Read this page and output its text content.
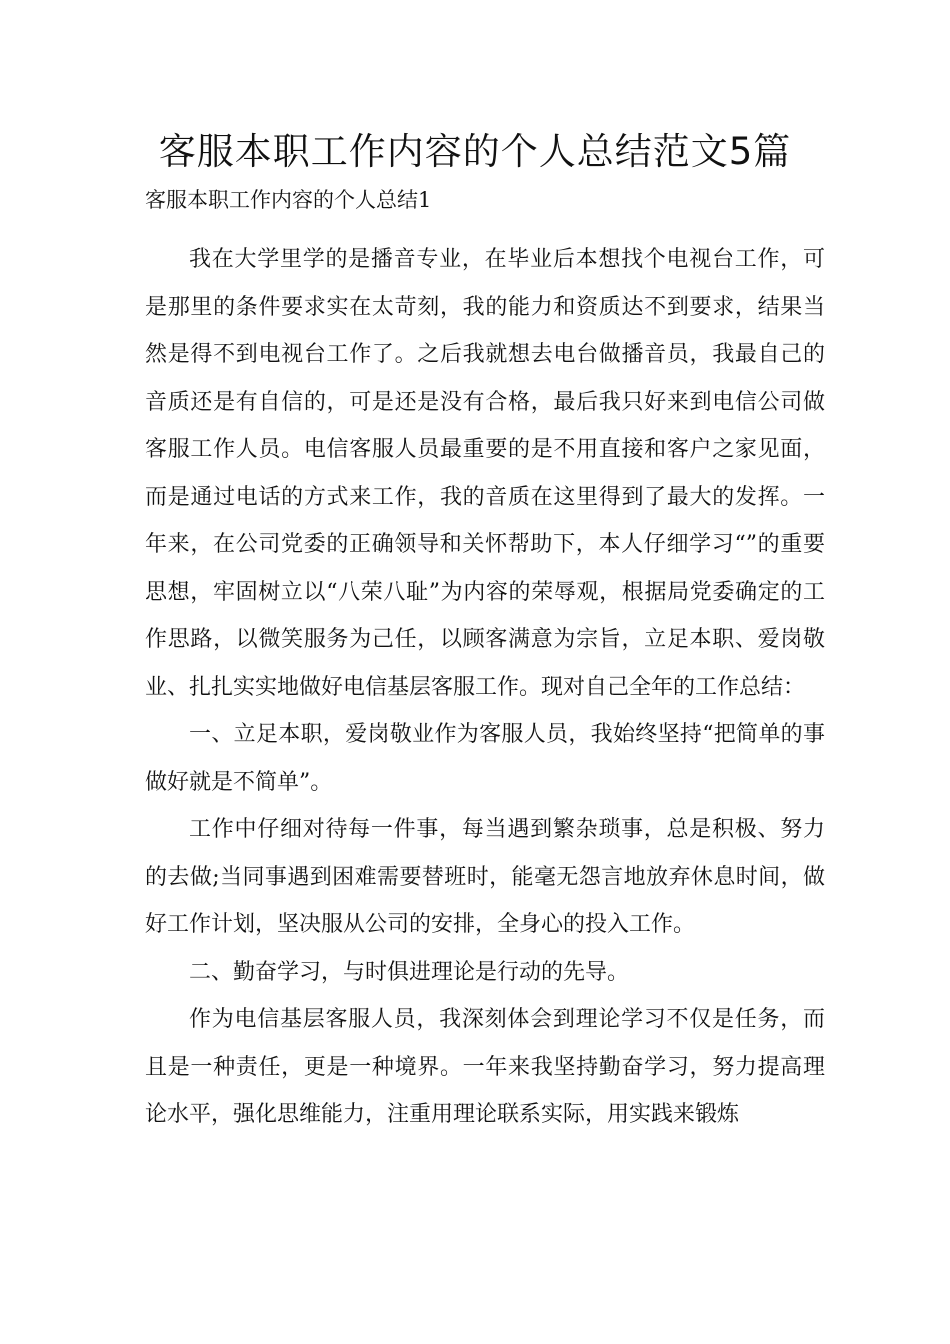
客服本职工作内容的个人总结范文5篇

客服本职工作内容的个人总结1

我在大学里学的是播音专业，在毕业后本想找个电视台工作，可是那里的条件要求实在太苛刻，我的能力和资质达不到要求，结果当然是得不到电视台工作了。之后我就想去电台做播音员，我最自己的音质还是有自信的，可是还是没有合格，最后我只好来到电信公司做客服工作人员。电信客服人员最重要的是不用直接和客户之家见面，而是通过电话的方式来工作，我的音质在这里得到了最大的发挥。一年来，在公司党委的正确领导和关怀帮助下，本人仔细学习“”的重要思想，牢固树立以“八荣八耻”为内容的荣辱观，根据局党委确定的工作思路，以微笑服务为己任，以顾客满意为宗旨，立足本职、爱岗敬业、扎扎实实地做好电信基层客服工作。现对自己全年的工作总结：

一、立足本职，爱岗敬业作为客服人员，我始终坚持“把简单的事做好就是不简单”。

工作中仔细对待每一件事，每当遇到繁杂琐事，总是积极、努力的去做;当同事遇到困难需要替班时，能毫无怨言地放弃休息时间，做好工作计划，坚决服从公司的安排，全身心的投入工作。

二、勤奋学习，与时俱进理论是行动的先导。

作为电信基层客服人员，我深刻体会到理论学习不仅是任务，而且是一种责任，更是一种境界。一年来我坚持勤奋学习，努力提高理论水平，强化思维能力，注重用理论联系实际，用实践来锻炼
